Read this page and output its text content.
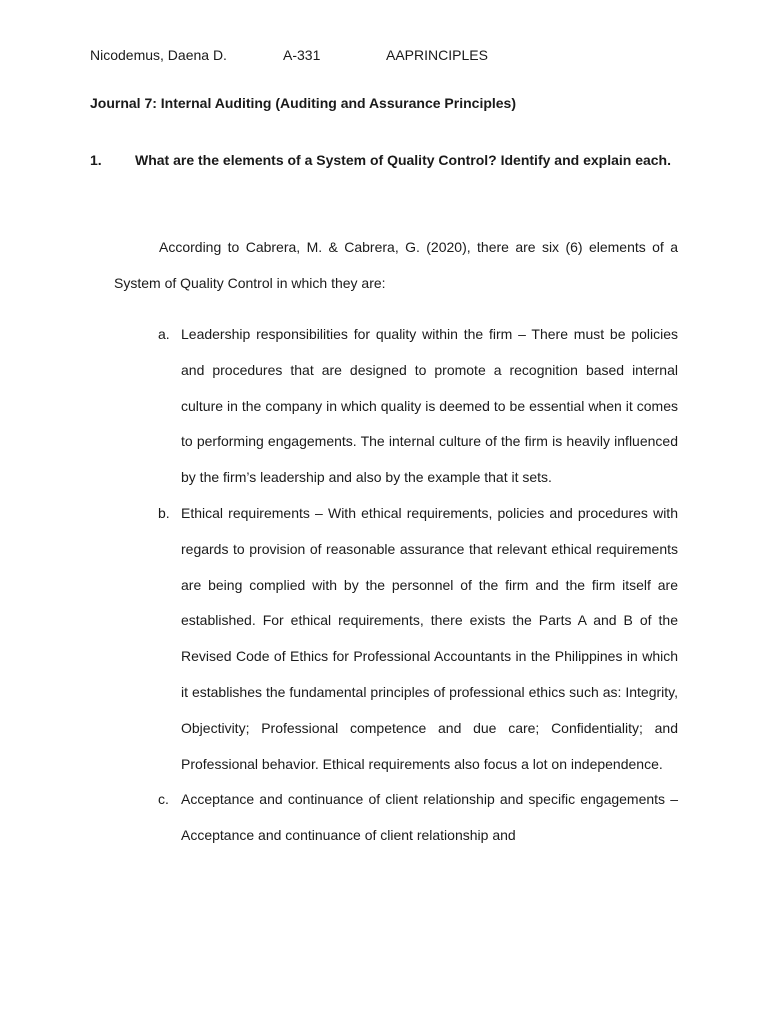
Nicodemus, Daena D.	A-331	AAPRINCIPLES
Journal 7: Internal Auditing (Auditing and Assurance Principles)
1.	What are the elements of a System of Quality Control? Identify and explain each.

According to Cabrera, M. & Cabrera, G. (2020), there are six (6) elements of a System of Quality Control in which they are:

a. Leadership responsibilities for quality within the firm – There must be policies and procedures that are designed to promote a recognition based internal culture in the company in which quality is deemed to be essential when it comes to performing engagements. The internal culture of the firm is heavily influenced by the firm’s leadership and also by the example that it sets.
b. Ethical requirements – With ethical requirements, policies and procedures with regards to provision of reasonable assurance that relevant ethical requirements are being complied with by the personnel of the firm and the firm itself are established. For ethical requirements, there exists the Parts A and B of the Revised Code of Ethics for Professional Accountants in the Philippines in which it establishes the fundamental principles of professional ethics such as: Integrity, Objectivity; Professional competence and due care; Confidentiality; and Professional behavior. Ethical requirements also focus a lot on independence.
c. Acceptance and continuance of client relationship and specific engagements – Acceptance and continuance of client relationship and
